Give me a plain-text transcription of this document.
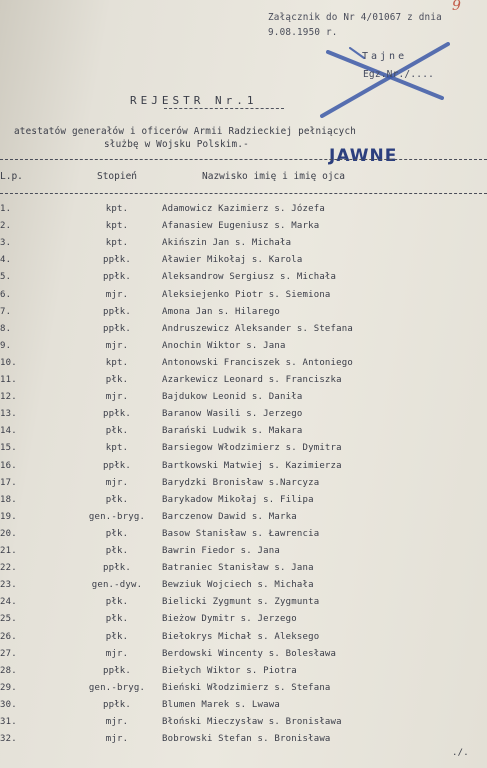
Załącznik do Nr 4/01067 z dnia
9.08.1950 r.
9
Tajne
Egz.Nr./....
REJESTR Nr.1
atestatów generałów i oficerów Armii Radzieckiej pełniących
służbę w Wojsku Polskim.-
JAWNE
L.p.	Stopień	Nazwisko imię i imię ojca
1.	kpt.	Adamowicz Kazimierz s. Józefa
2.	kpt.	Afanasiew Eugeniusz s. Marka
3.	kpt.	Akińszin Jan s. Michała
4.	ppłk.	Aławier Mikołaj s. Karola
5.	ppłk.	Aleksandrow Sergiusz s. Michała
6.	mjr.	Aleksiejenko Piotr s. Siemiona
7.	ppłk.	Amona Jan s. Hilarego
8.	ppłk.	Andruszewicz Aleksander s. Stefana
9.	mjr.	Anochin Wiktor s. Jana
10.	kpt.	Antonowski Franciszek s. Antoniego
11.	płk.	Azarkewicz Leonard s. Franciszka
12.	mjr.	Bajdukow Leonid s. Daniła
13.	ppłk.	Baranow Wasili s. Jerzego
14.	płk.	Barański Ludwik s. Makara
15.	kpt.	Barsiegow Włodzimierz s. Dymitra
16.	ppłk.	Bartkowski Matwiej s. Kazimierza
17.	mjr.	Barydzki Bronisław s.Narcyza
18.	płk.	Barykadow Mikołaj s. Filipa
19.	gen.-bryg.	Barczenow Dawid s. Marka
20.	płk.	Basow Stanisław s. Ławrencia
21.	płk.	Bawrin Fiedor s. Jana
22.	ppłk.	Batraniec Stanisław s. Jana
23.	gen.-dyw.	Bewziuk Wojciech s. Michała
24.	płk.	Bielicki Zygmunt s. Zygmunta
25.	płk.	Bieżow Dymitr s. Jerzego
26.	płk.	Biełokrys Michał s. Aleksego
27.	mjr.	Berdowski Wincenty s. Bolesława
28.	ppłk.	Biełych Wiktor s. Piotra
29.	gen.-bryg.	Bieński Włodzimierz s. Stefana
30.	ppłk.	Blumen Marek s. Lwawa
31.	mjr.	Błoński Mieczysław s. Bronisława
32.	mjr.	Bobrowski Stefan s. Bronisława
./.
